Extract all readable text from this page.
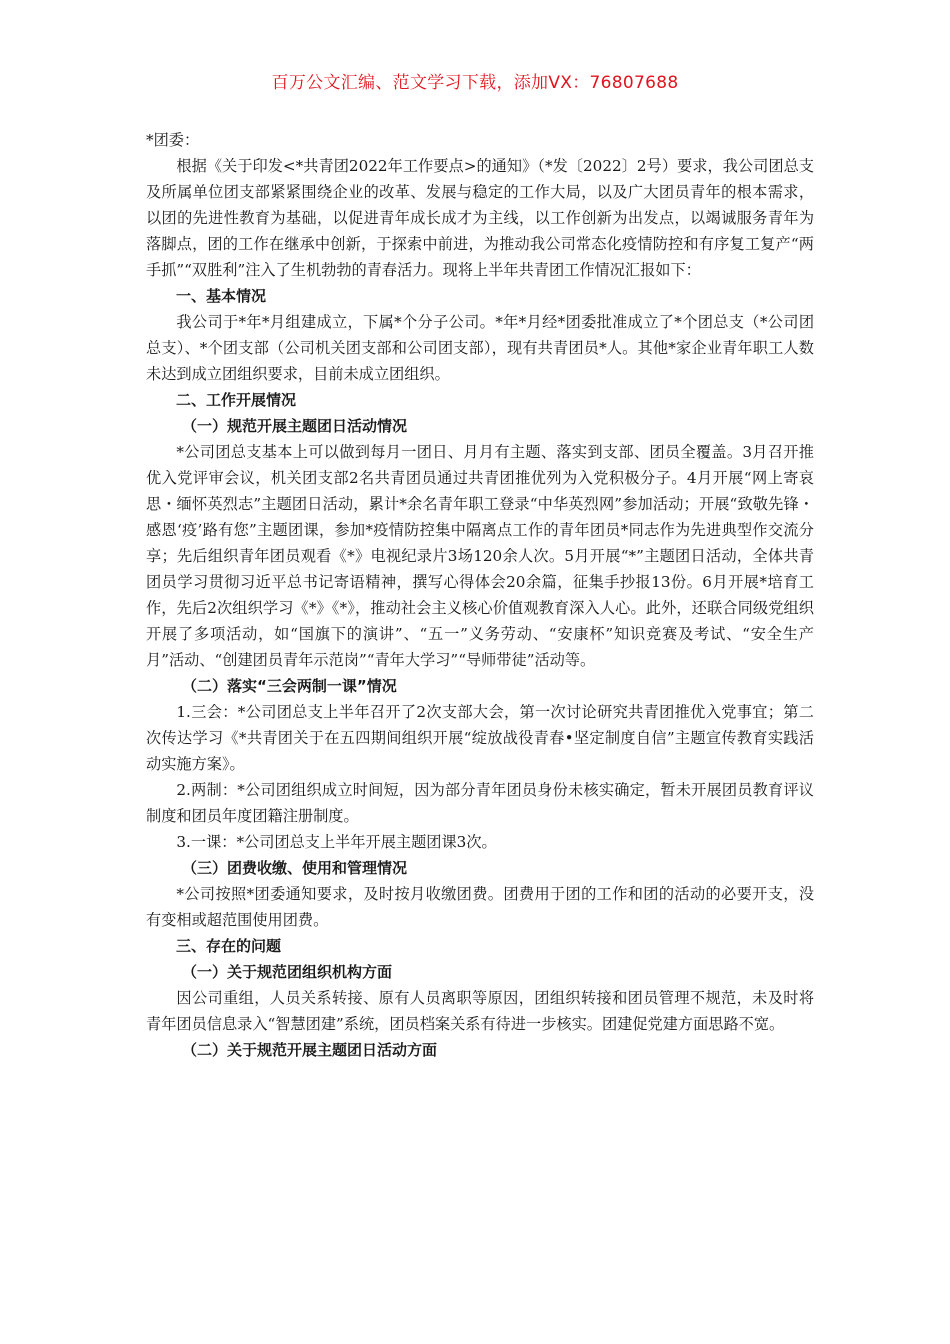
百万公文汇编、范文学习下载，添加VX：76807688

*团委：

根据《关于印发<*共青团2022年工作要点>的通知》（*发〔2022〕2号）要求，我公司团总支及所属单位团支部紧紧围绕企业的改革、发展与稳定的工作大局，以及广大团员青年的根本需求，以团的先进性教育为基础，以促进青年成长成才为主线，以工作创新为出发点，以竭诚服务青年为落脚点，团的工作在继承中创新，于探索中前进，为推动我公司常态化疫情防控和有序复工复产“两手抓”“双胜利”注入了生机勃勃的青春活力。现将上半年共青团工作情况汇报如下：

一、基本情况

我公司于*年*月组建成立，下属*个分子公司。*年*月经*团委批准成立了*个团总支（*公司团总支）、*个团支部（公司机关团支部和公司团支部），现有共青团员*人。其他*家企业青年职工人数未达到成立团组织要求，目前未成立团组织。

二、工作开展情况

（一）规范开展主题团日活动情况

*公司团总支基本上可以做到每月一团日、月月有主题、落实到支部、团员全覆盖。3月召开推优入党评审会议，机关团支部2名共青团员通过共青团推优列为入党积极分子。4月开展“网上寄哀思・缅怀英烈志”主题团日活动，累计*余名青年职工登录“中华英烈网”参加活动；开展“致敬先锋・感恩‘疫’路有您”主题团课，参加*疫情防控集中隔离点工作的青年团员*同志作为先进典型作交流分享；先后组织青年团员观看《*》电视纪录片3场120余人次。5月开展“*”主题团日活动，全体共青团员学习贯彻习近平总书记寄语精神，撰写心得体会20余篇，征集手抄报13份。6月开展*培育工作，先后2次组织学习《*》《*》，推动社会主义核心价值观教育深入人心。此外，还联合同级党组织开展了多项活动，如“国旗下的演讲”、“五一”义务劳动、“安康杯”知识竞赛及考试、“安全生产月”活动、“创建团员青年示范岗”“青年大学习”“导师带徒”活动等。

（二）落实“三会两制一课”情况

1.三会：*公司团总支上半年召开了2次支部大会，第一次讨论研究共青团推优入党事宜；第二次传达学习《*共青团关于在五四期间组织开展“绽放战役青春•坚定制度自信”主题宣传教育实践活动实施方案》。

2.两制：*公司团组织成立时间短，因为部分青年团员身份未核实确定，暂未开展团员教育评议制度和团员年度团籍注册制度。

3.一课：*公司团总支上半年开展主题团课3次。

（三）团费收缴、使用和管理情况

*公司按照*团委通知要求，及时按月收缴团费。团费用于团的工作和团的活动的必要开支，没有变相或超范围使用团费。

三、存在的问题

（一）关于规范团组织机构方面

因公司重组，人员关系转接、原有人员离职等原因，团组织转接和团员管理不规范，未及时将青年团员信息录入“智慧团建”系统，团员档案关系有待进一步核实。团建促党建方面思路不宽。

（二）关于规范开展主题团日活动方面
